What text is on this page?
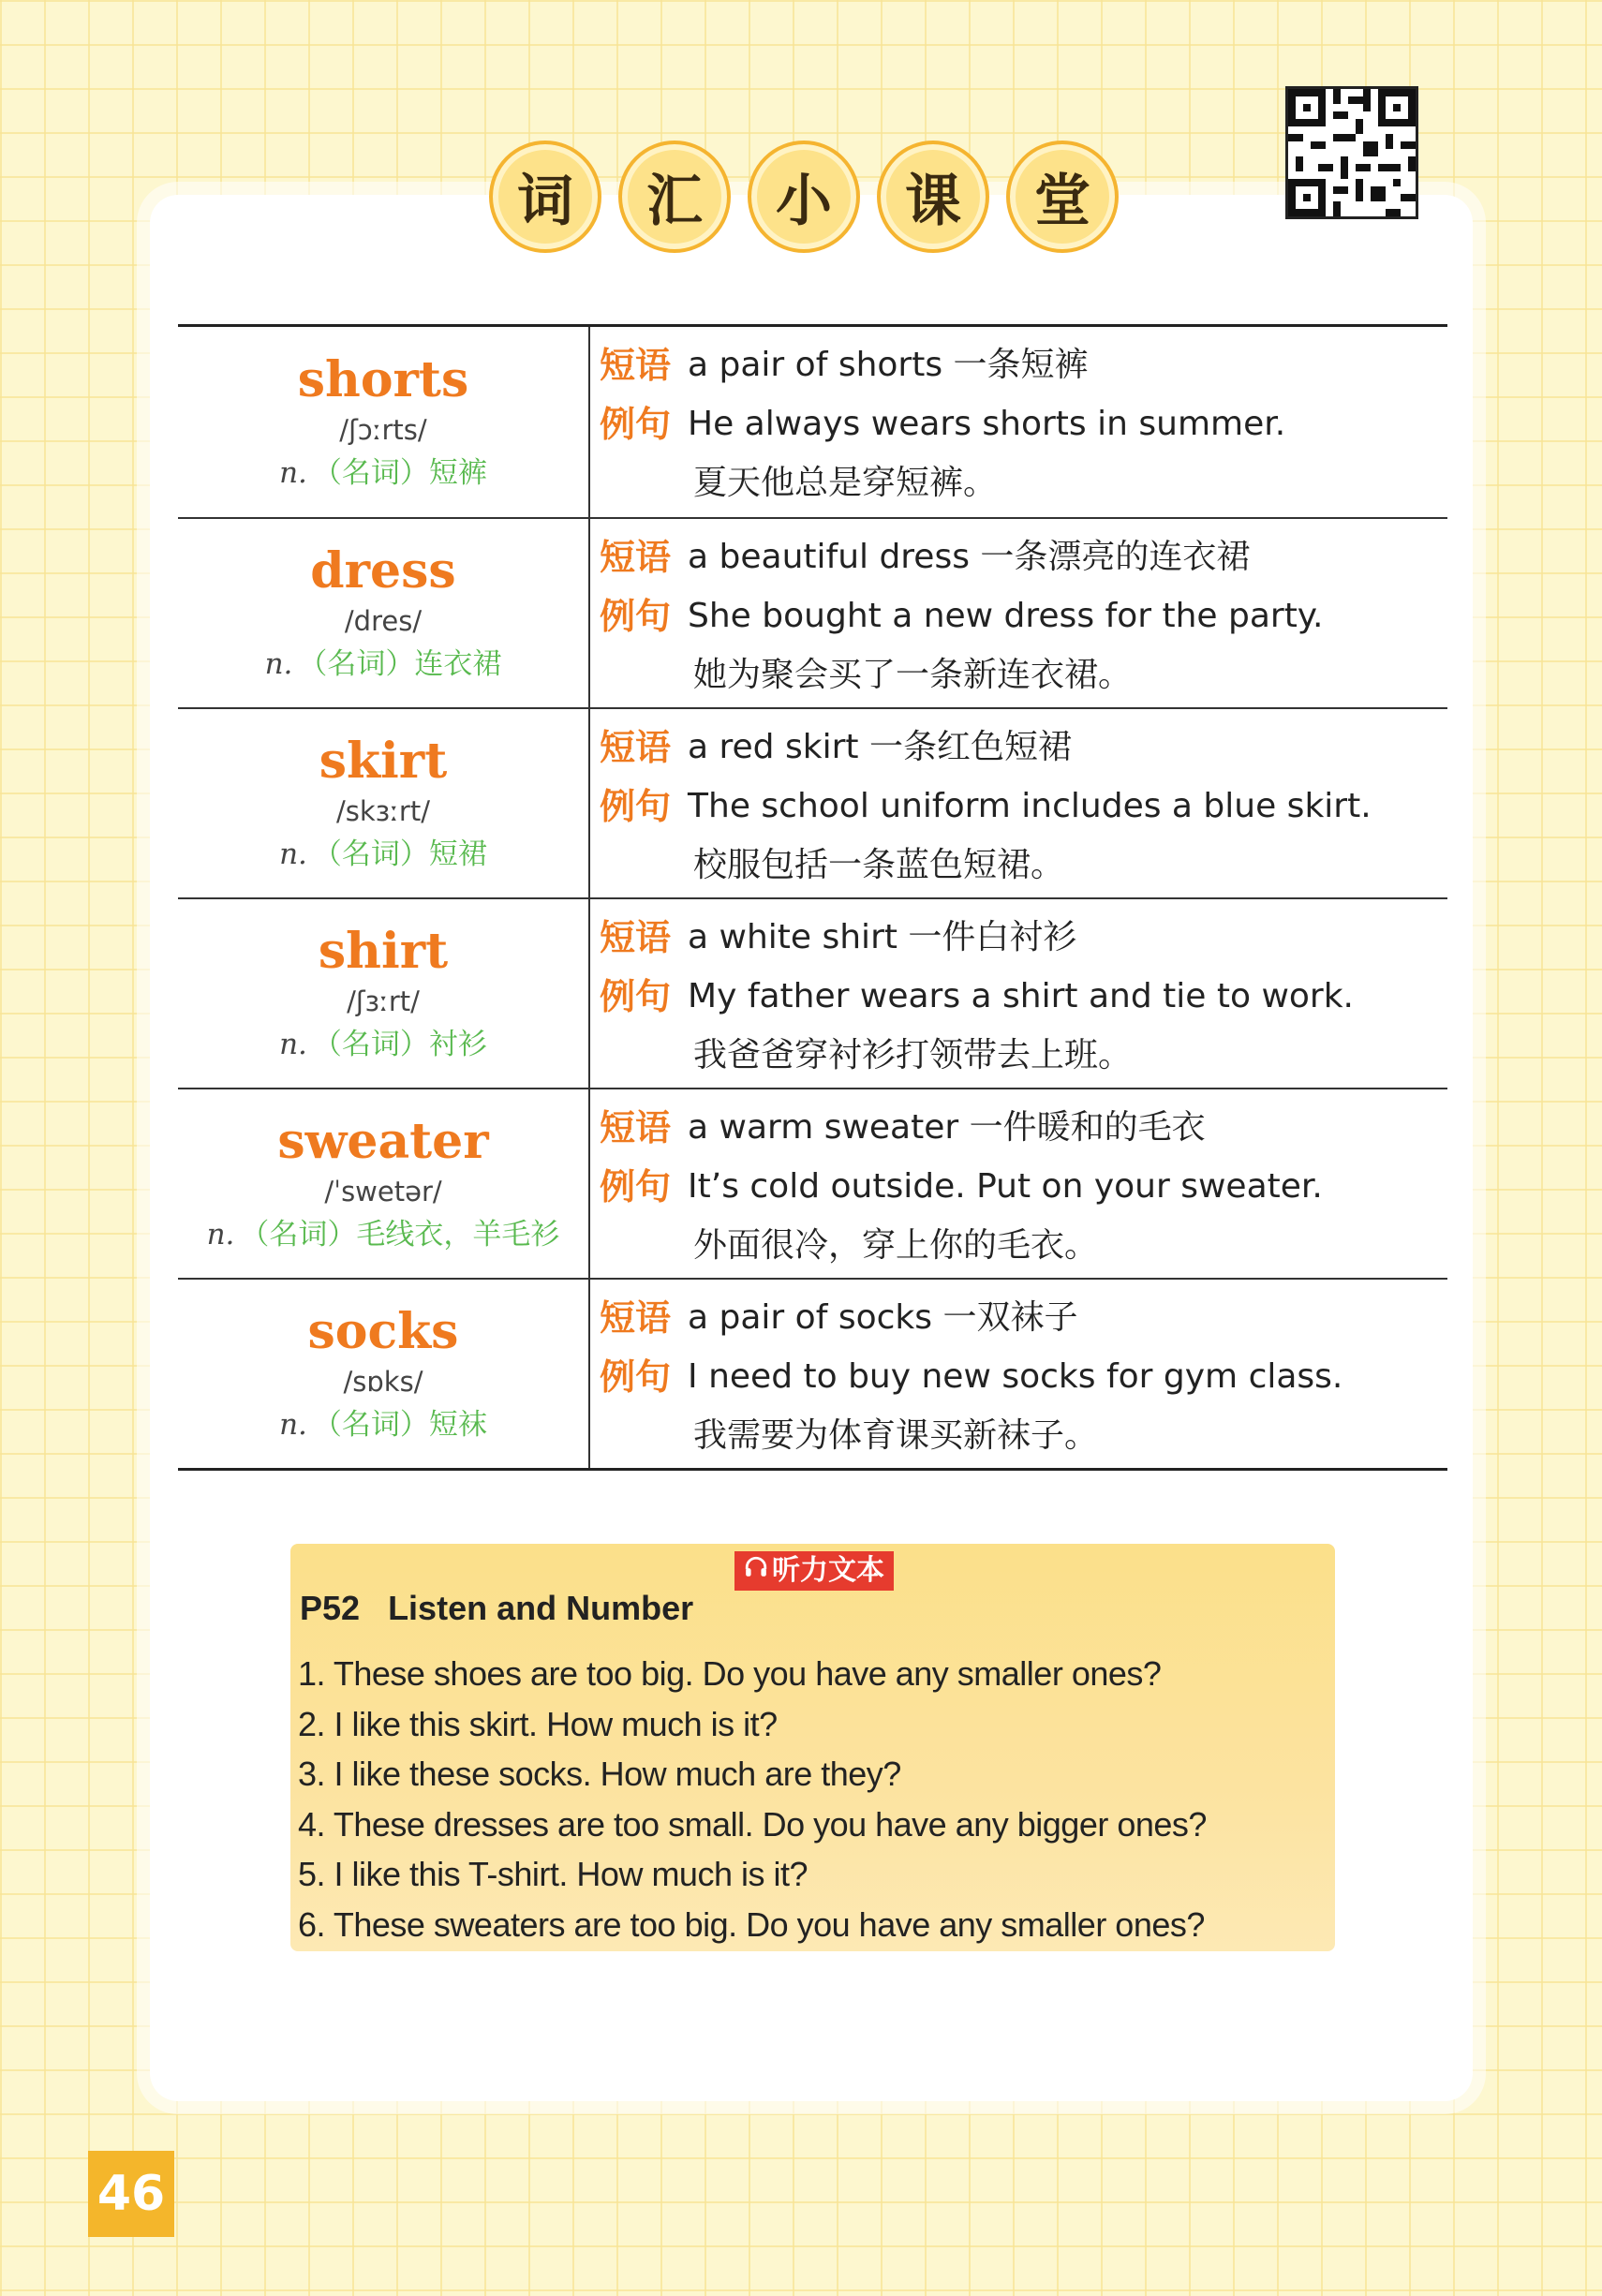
词	汇	小	课	堂
shorts
/ʃɔːrts/
n. （名词）短裤
短语 a pair of shorts 一条短裤
例句 He always wears shorts in summer.
夏天他总是穿短裤。
dress
/dres/
n. （名词）连衣裙
短语 a beautiful dress 一条漂亮的连衣裙
例句 She bought a new dress for the party.
她为聚会买了一条新连衣裙。
skirt
/skɜːrt/
n. （名词）短裙
短语 a red skirt 一条红色短裙
例句 The school uniform includes a blue skirt.
校服包括一条蓝色短裙。
shirt
/ʃɜːrt/
n. （名词）衬衫
短语 a white shirt 一件白衬衫
例句 My father wears a shirt and tie to work.
我爸爸穿衬衫打领带去上班。
sweater
/ˈswetər/
n. （名词）毛线衣，羊毛衫
短语 a warm sweater 一件暖和的毛衣
例句 It’s cold outside. Put on your sweater.
外面很冷，穿上你的毛衣。
socks
/sɒks/
n. （名词）短袜
短语 a pair of socks 一双袜子
例句 I need to buy new socks for gym class.
我需要为体育课买新袜子。
听力文本
P52 Listen and Number
1. These shoes are too big. Do you have any smaller ones?
2. I like this skirt. How much is it?
3. I like these socks. How much are they?
4. These dresses are too small. Do you have any bigger ones?
5. I like this T-shirt. How much is it?
6. These sweaters are too big. Do you have any smaller ones?
46
